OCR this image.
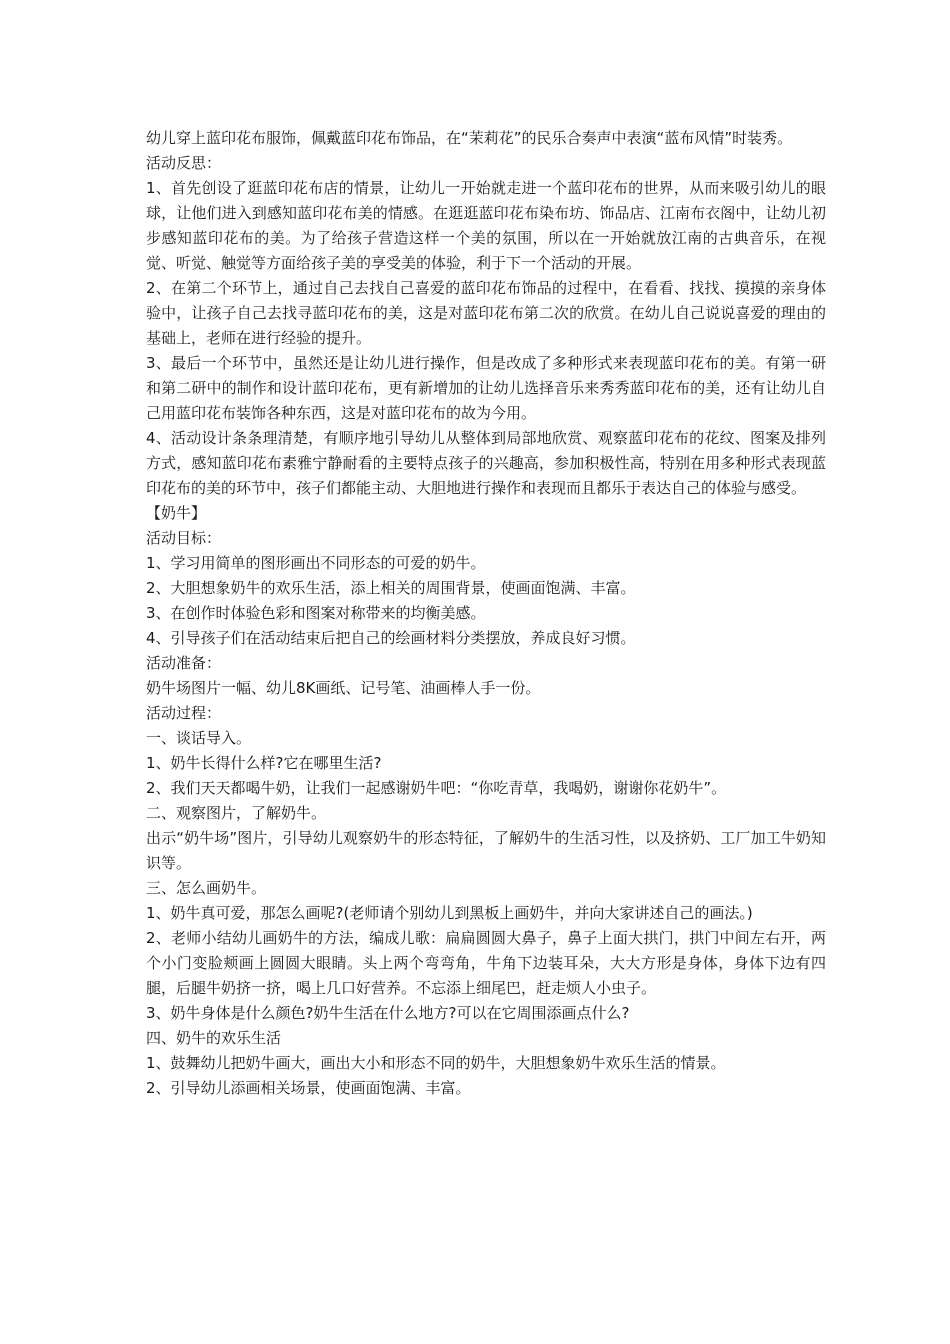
幼儿穿上蓝印花布服饰，佩戴蓝印花布饰品，在“茉莉花”的民乐合奏声中表演“蓝布风情”时装秀。

活动反思：

1、首先创设了逛蓝印花布店的情景，让幼儿一开始就走进一个蓝印花布的世界，从而来吸引幼儿的眼球，让他们进入到感知蓝印花布美的情感。在逛逛蓝印花布染布坊、饰品店、江南布衣阁中，让幼儿初步感知蓝印花布的美。为了给孩子营造这样一个美的氛围，所以在一开始就放江南的古典音乐，在视觉、听觉、触觉等方面给孩子美的享受美的体验，利于下一个活动的开展。

2、在第二个环节上，通过自己去找自己喜爱的蓝印花布饰品的过程中，在看看、找找、摸摸的亲身体验中，让孩子自己去找寻蓝印花布的美，这是对蓝印花布第二次的欣赏。在幼儿自己说说喜爱的理由的基础上，老师在进行经验的提升。

3、最后一个环节中，虽然还是让幼儿进行操作，但是改成了多种形式来表现蓝印花布的美。有第一研和第二研中的制作和设计蓝印花布，更有新增加的让幼儿选择音乐来秀秀蓝印花布的美，还有让幼儿自己用蓝印花布装饰各种东西，这是对蓝印花布的故为今用。

4、活动设计条条理清楚，有顺序地引导幼儿从整体到局部地欣赏、观察蓝印花布的花纹、图案及排列方式，感知蓝印花布素雅宁静耐看的主要特点孩子的兴趣高，参加积极性高，特别在用多种形式表现蓝印花布的美的环节中，孩子们都能主动、大胆地进行操作和表现而且都乐于表达自己的体验与感受。

【奶牛】

活动目标：

1、学习用简单的图形画出不同形态的可爱的奶牛。

2、大胆想象奶牛的欢乐生活，添上相关的周围背景，使画面饱满、丰富。

3、在创作时体验色彩和图案对称带来的均衡美感。

4、引导孩子们在活动结束后把自己的绘画材料分类摆放，养成良好习惯。

活动准备：

奶牛场图片一幅、幼儿8K画纸、记号笔、油画棒人手一份。

活动过程：

一、谈话导入。

1、奶牛长得什么样?它在哪里生活?

2、我们天天都喝牛奶，让我们一起感谢奶牛吧：“你吃青草，我喝奶，谢谢你花奶牛”。

二、观察图片，了解奶牛。

出示“奶牛场”图片，引导幼儿观察奶牛的形态特征，了解奶牛的生活习性，以及挤奶、工厂加工牛奶知识等。

三、怎么画奶牛。

1、奶牛真可爱，那怎么画呢?(老师请个别幼儿到黑板上画奶牛，并向大家讲述自己的画法。)

2、老师小结幼儿画奶牛的方法，编成儿歌：扁扁圆圆大鼻子，鼻子上面大拱门，拱门中间左右开，两个小门变脸颊画上圆圆大眼睛。头上两个弯弯角，牛角下边装耳朵，大大方形是身体，身体下边有四腿，后腿牛奶挤一挤，喝上几口好营养。不忘添上细尾巴，赶走烦人小虫子。

3、奶牛身体是什么颜色?奶牛生活在什么地方?可以在它周围添画点什么?

四、奶牛的欢乐生活

1、鼓舞幼儿把奶牛画大，画出大小和形态不同的奶牛，大胆想象奶牛欢乐生活的情景。

2、引导幼儿添画相关场景，使画面饱满、丰富。
